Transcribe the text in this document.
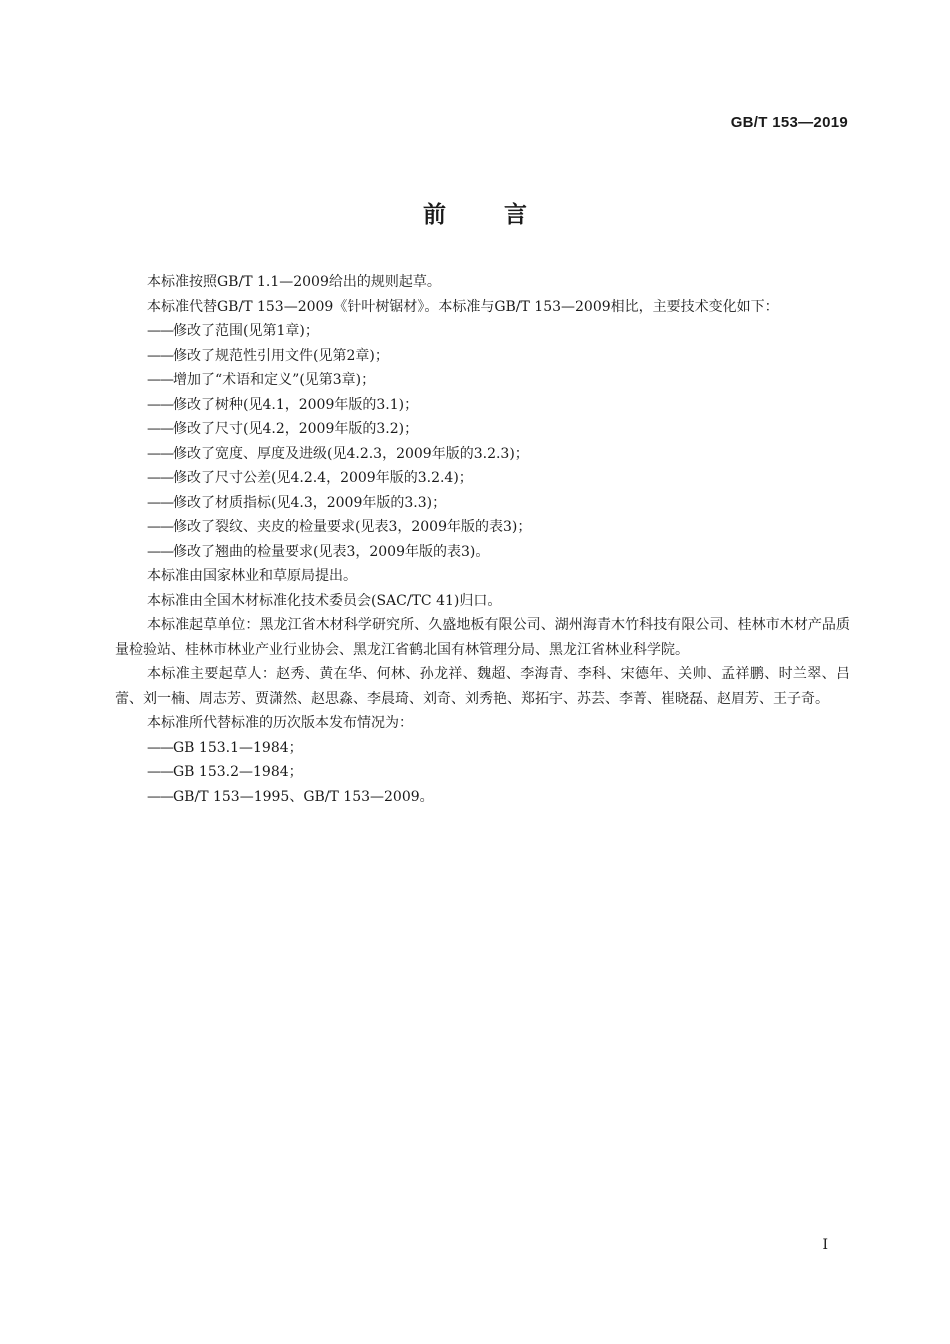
GB/T 153—2019
前言

本标准按照GB/T 1.1—2009给出的规则起草。

本标准代替GB/T 153—2009《针叶树锯材》。本标准与GB/T 153—2009相比，主要技术变化如下：

——修改了范围(见第1章)；
——修改了规范性引用文件(见第2章)；
——增加了“术语和定义”(见第3章)；
——修改了树种(见4.1，2009年版的3.1)；
——修改了尺寸(见4.2，2009年版的3.2)；
——修改了宽度、厚度及进级(见4.2.3，2009年版的3.2.3)；
——修改了尺寸公差(见4.2.4，2009年版的3.2.4)；
——修改了材质指标(见4.3，2009年版的3.3)；
——修改了裂纹、夹皮的检量要求(见表3，2009年版的表3)；
——修改了翘曲的检量要求(见表3，2009年版的表3)。

本标准由国家林业和草原局提出。

本标准由全国木材标准化技术委员会(SAC/TC 41)归口。

本标准起草单位：黑龙江省木材科学研究所、久盛地板有限公司、湖州海青木竹科技有限公司、桂林市木材产品质量检验站、桂林市林业产业行业协会、黑龙江省鹤北国有林管理分局、黑龙江省林业科学院。

本标准主要起草人：赵秀、黄在华、何林、孙龙祥、魏超、李海青、李科、宋德年、关帅、孟祥鹏、时兰翠、吕蕾、刘一楠、周志芳、贾潇然、赵思淼、李晨琦、刘奇、刘秀艳、郑拓宇、苏芸、李菁、崔晓磊、赵眉芳、王子奇。

本标准所代替标准的历次版本发布情况为：

——GB 153.1—1984；
——GB 153.2—1984；
——GB/T 153—1995、GB/T 153—2009。
I
